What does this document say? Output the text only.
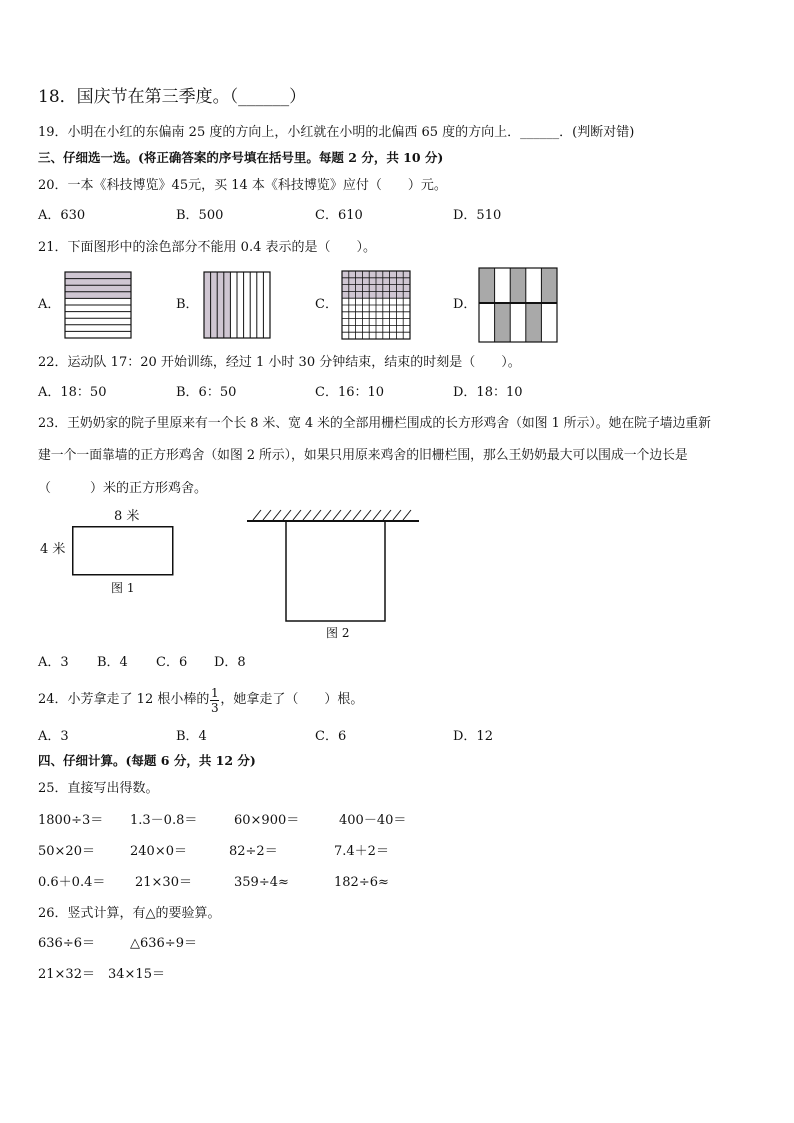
18．国庆节在第三季度。（______）
19．小明在小红的东偏南 25 度的方向上，小红就在小明的北偏西 65 度的方向上．______．(判断对错)
三、仔细选一选。(将正确答案的序号填在括号里。每题 2 分，共 10 分)
20．一本《科技博览》45元，买 14 本《科技博览》应付（　　）元。
A．630	B．500	C．610	D．510
21．下面图形中的涂色部分不能用 0.4 表示的是（　　）。
A．	B．	C．	D．
22．运动队 17：20 开始训练，经过 1 小时 30 分钟结束，结束的时刻是（　　）。
A．18：50	B．6：50	C．16：10	D．18：10
23．王奶奶家的院子里原来有一个长 8 米、宽 4 米的全部用栅栏围成的长方形鸡舍（如图 1 所示）。她在院子墙边重新
建一个一面靠墙的正方形鸡舍（如图 2 所示），如果只用原来鸡舍的旧栅栏围，那么王奶奶最大可以围成一个边长是
（　　　）米的正方形鸡舍。
8 米
4 米
图 1
图 2
A．3 B．4 C．6 D．8
24．小芳拿走了 12 根小棒的 $\frac{1}{3}$ ，她拿走了（　　）根。
A．3	B．4	C．6	D．12
四、仔细计算。(每题 6 分，共 12 分)
25．直接写出得数。
1800÷3＝ 1.3－0.8＝	60×900＝	400－40＝
50×20＝	240×0＝	82÷2＝	7.4＋2＝
0.6＋0.4＝ 21×30＝	359÷4≈	182÷6≈
26．竖式计算，有△的要验算。
636÷6＝	△636÷9＝
21×32＝ 34×15＝
